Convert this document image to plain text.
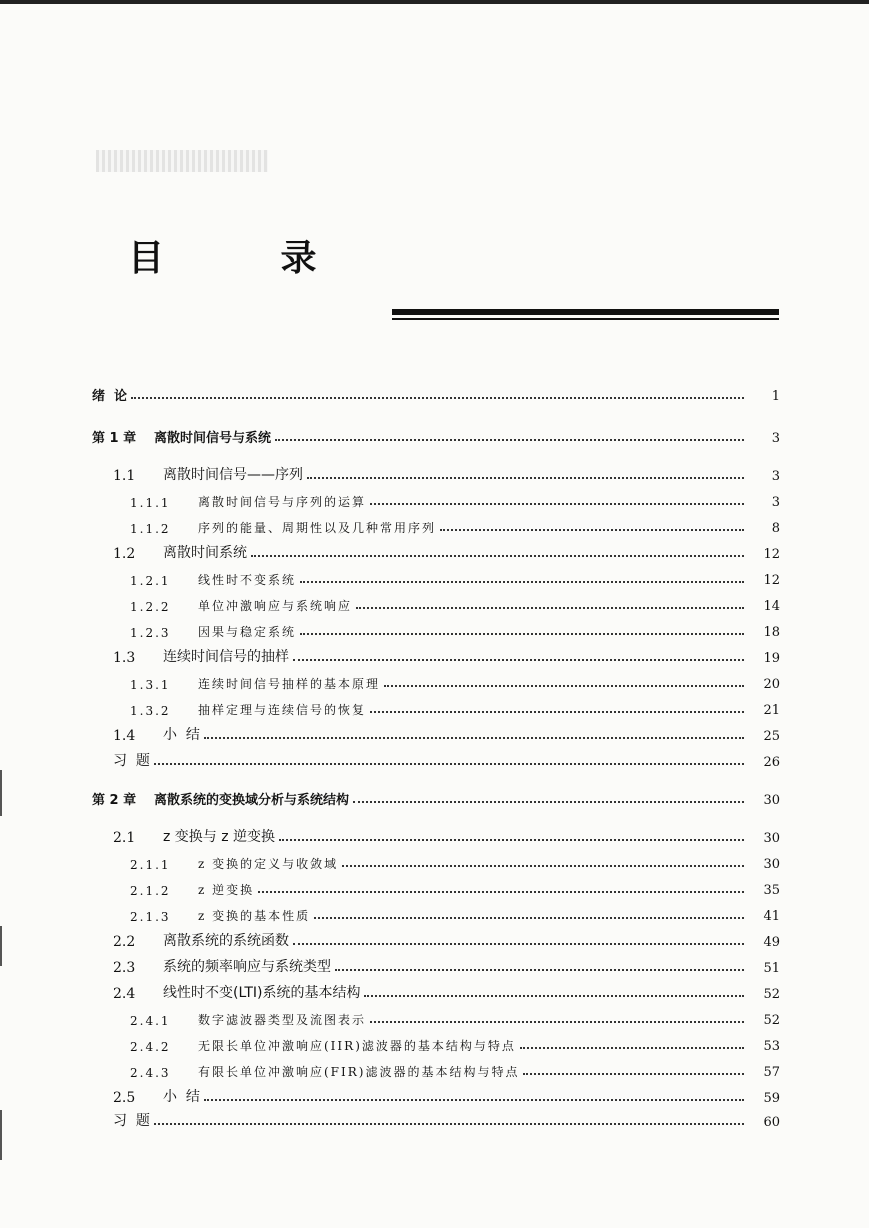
目 录
绪  论	1
第 1 章	离散时间信号与系统	3
1.1	离散时间信号——序列	3
1.1.1	离散时间信号与序列的运算	3
1.1.2	序列的能量、周期性以及几种常用序列	8
1.2	离散时间系统	12
1.2.1	线性时不变系统	12
1.2.2	单位冲激响应与系统响应	14
1.2.3	因果与稳定系统	18
1.3	连续时间信号的抽样	19
1.3.1	连续时间信号抽样的基本原理	20
1.3.2	抽样定理与连续信号的恢复	21
1.4	小  结	25
习  题	26
第 2 章	离散系统的变换域分析与系统结构	30
2.1	z 变换与 z 逆变换	30
2.1.1	z 变换的定义与收敛域	30
2.1.2	z 逆变换	35
2.1.3	z 变换的基本性质	41
2.2	离散系统的系统函数	49
2.3	系统的频率响应与系统类型	51
2.4	线性时不变(LTI)系统的基本结构	52
2.4.1	数字滤波器类型及流图表示	52
2.4.2	无限长单位冲激响应(IIR)滤波器的基本结构与特点	53
2.4.3	有限长单位冲激响应(FIR)滤波器的基本结构与特点	57
2.5	小  结	59
习  题	60
